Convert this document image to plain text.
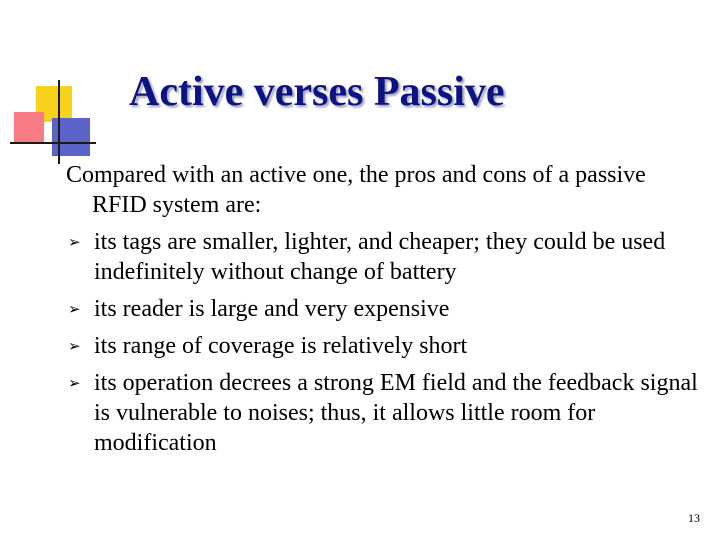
Active verses Passive

Compared with an active one, the pros and cons of a passive RFID system are:

➢ its tags are smaller, lighter, and cheaper; they could be used indefinitely without change of battery
➢ its reader is large and very expensive
➢ its range of coverage is relatively short
➢ its operation decrees a strong EM field and the feedback signal is vulnerable to noises; thus, it allows little room for modification
13
